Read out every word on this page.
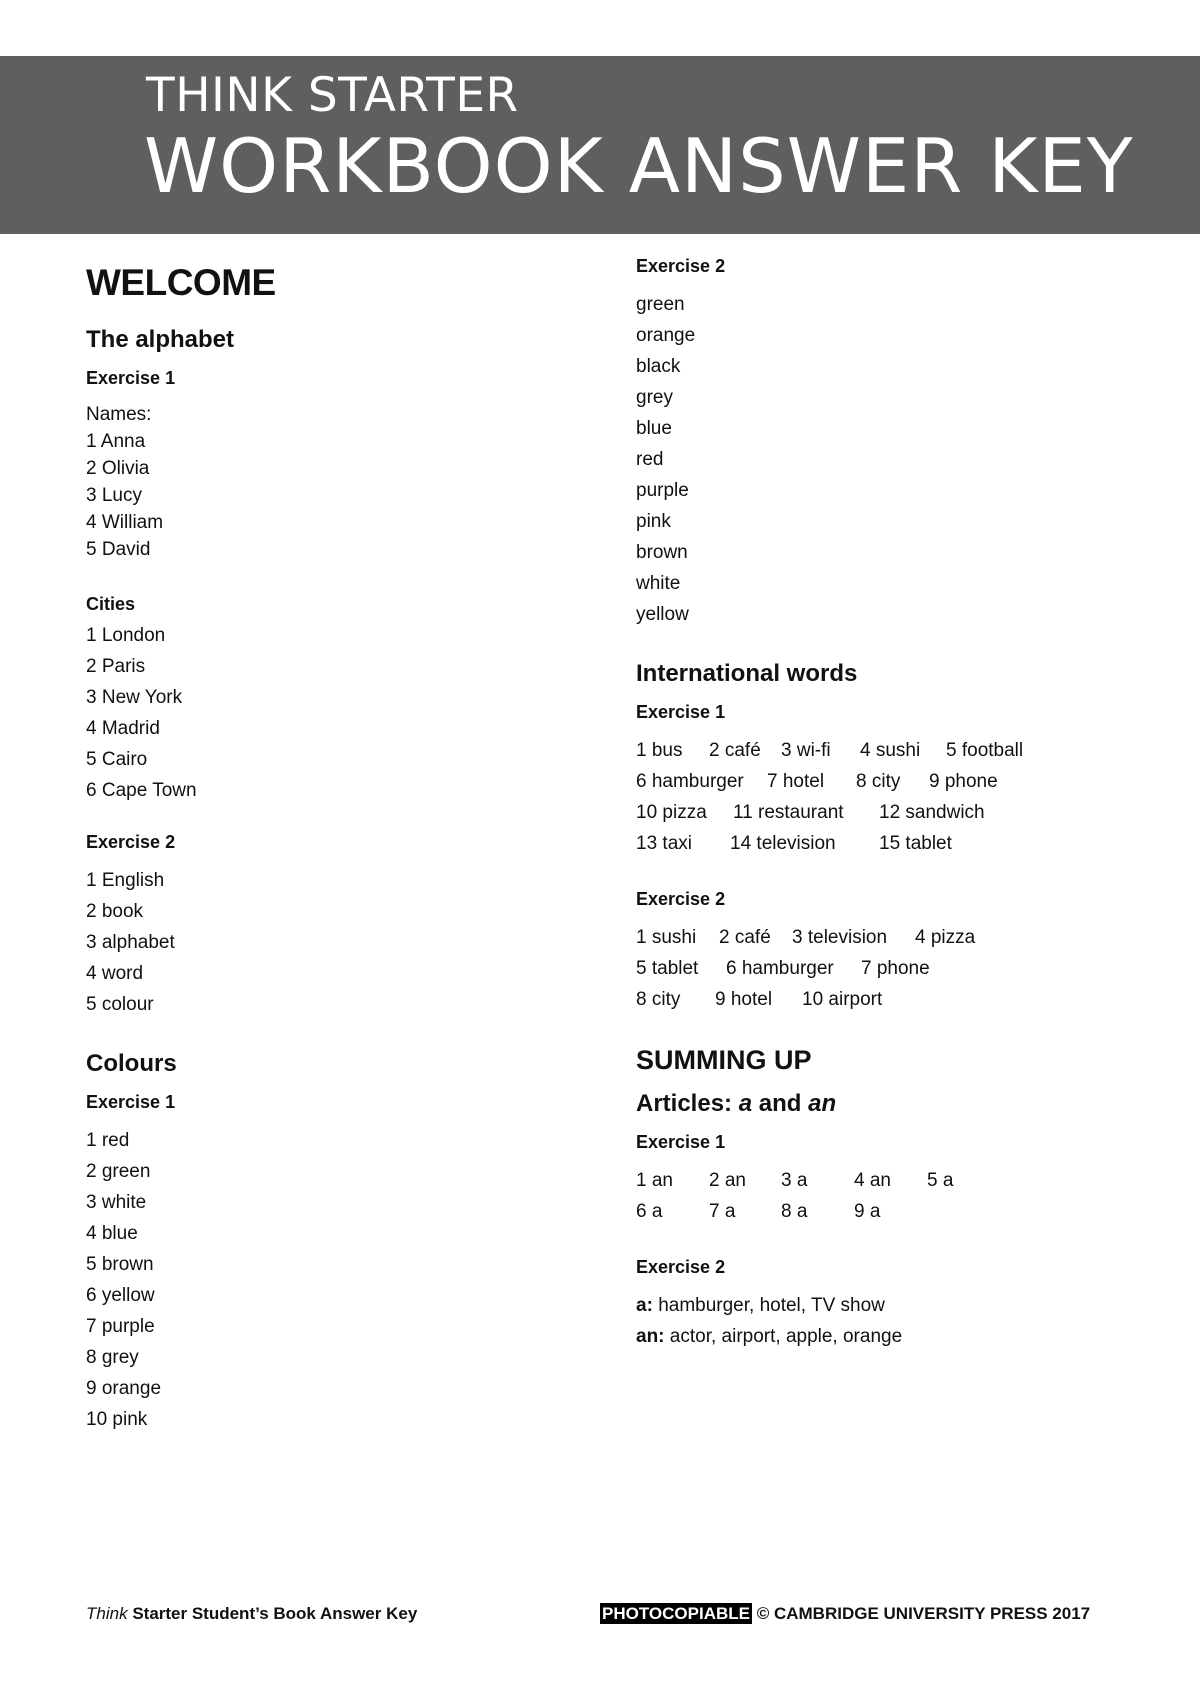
THINK STARTER
WORKBOOK ANSWER KEY
WELCOME
The alphabet
Exercise 1
Names:
1 Anna
2 Olivia
3 Lucy
4 William
5 David
Cities
1 London
2 Paris
3 New York
4 Madrid
5 Cairo
6 Cape Town
Exercise 2
1 English
2 book
3 alphabet
4 word
5 colour
Colours
Exercise 1
1 red
2 green
3 white
4 blue
5 brown
6 yellow
7 purple
8 grey
9 orange
10 pink
Exercise 2
green
orange
black
grey
blue
red
purple
pink
brown
white
yellow
International words
Exercise 1
1 bus	2 café	3 wi-fi	4 sushi	5 football
6 hamburger	7 hotel	8 city	9 phone
10 pizza	11 restaurant	12 sandwich
13 taxi	14 television	15 tablet
Exercise 2
1 sushi	2 café	3 television	4 pizza
5 tablet	6 hamburger	7 phone
8 city	9 hotel	10 airport
SUMMING UP
Articles: a and an
Exercise 1
1 an	2 an	3 a	4 an	5 a
6 a	7 a	8 a	9 a
Exercise 2
a: hamburger, hotel, TV show
an: actor, airport, apple, orange
Think Starter Student’s Book Answer Key	PHOTOCOPIABLE © CAMBRIDGE UNIVERSITY PRESS 2017
